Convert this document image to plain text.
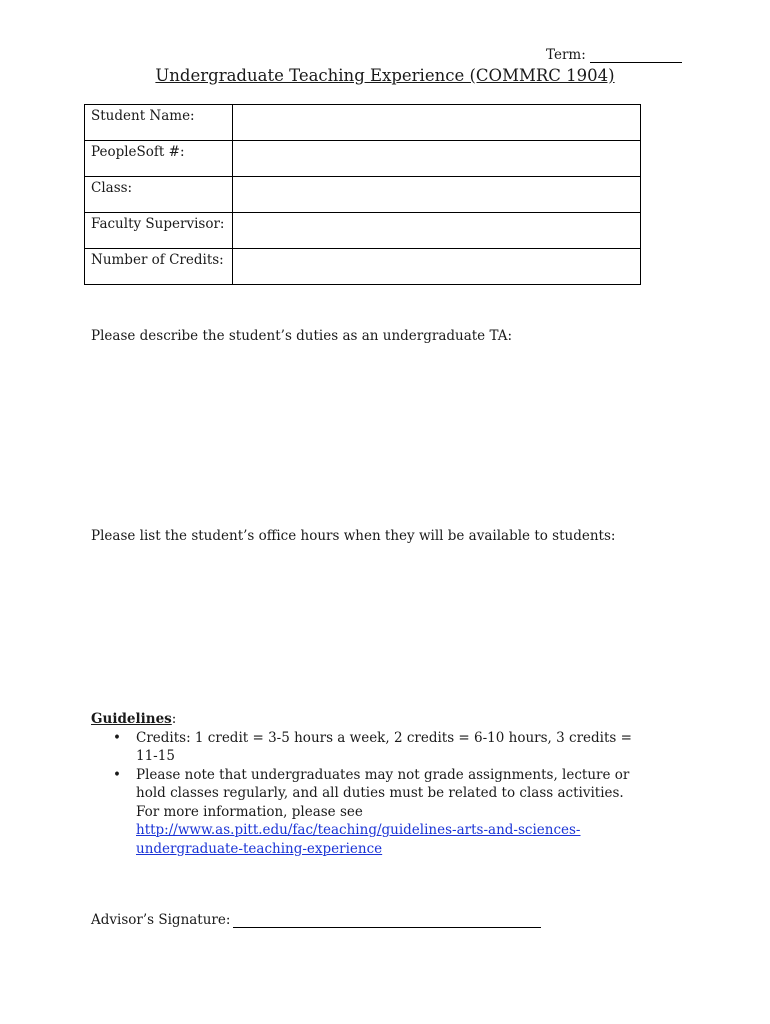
Term:
Undergraduate Teaching Experience (COMMRC 1904)
Student Name:	
PeopleSoft #:	
Class:	
Faculty Supervisor:	
Number of Credits:	
Please describe the student’s duties as an undergraduate TA:
Please list the student’s office hours when they will be available to students:
Guidelines:
• Credits: 1 credit = 3-5 hours a week, 2 credits = 6-10 hours, 3 credits = 11-15
• Please note that undergraduates may not grade assignments, lecture or hold classes regularly, and all duties must be related to class activities. For more information, please see http://www.as.pitt.edu/fac/teaching/guidelines-arts-and-sciences-undergraduate-teaching-experience
Advisor’s Signature:
